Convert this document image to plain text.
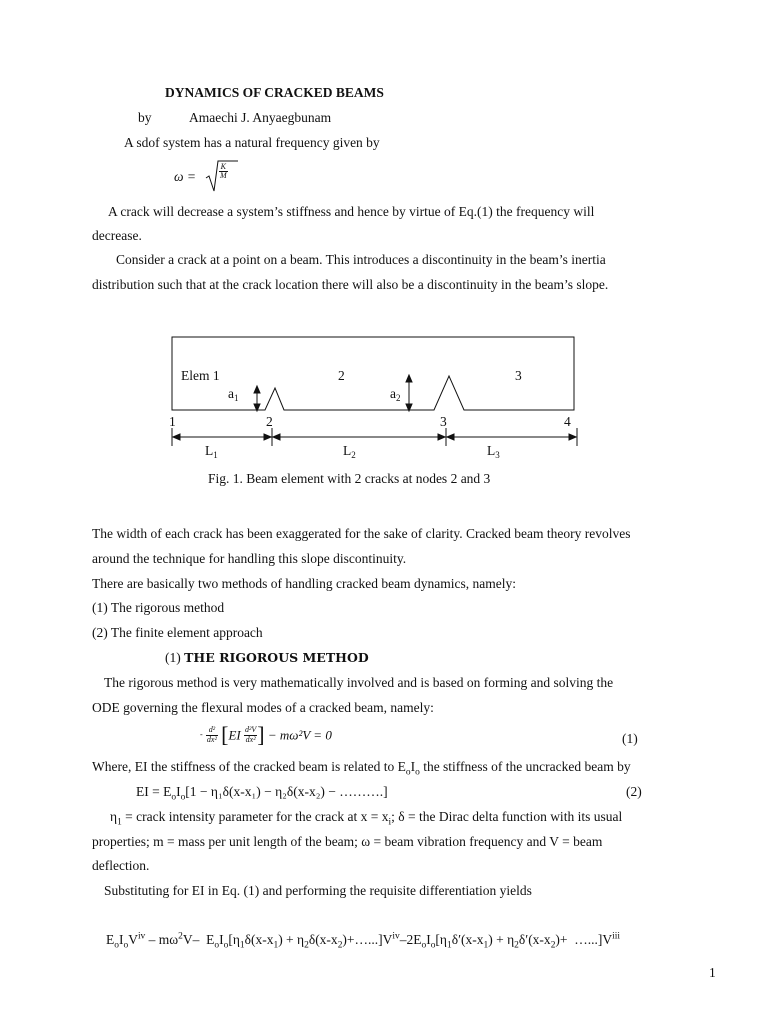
DYNAMICS OF CRACKED BEAMS
by	Amaechi J. Anyaegbunam
A sdof system has a natural frequency given by
ω =	$\frac{K}{M}$
A crack will decrease a system’s stiffness and hence by virtue of Eq.(1) the frequency will
decrease.
Consider a crack at a point on a beam. This introduces a discontinuity in the beam’s inertia
distribution such that at the crack location there will also be a discontinuity in the beam’s slope.
Elem 1	2	3
$a_1$	$a_2$
1	2	3	4
$L_1$	$L_2$	$L_3$
Fig. 1. Beam element with 2 cracks at nodes 2 and 3
The width of each crack has been exaggerated for the sake of clarity. Cracked beam theory revolves
around the technique for handling this slope discontinuity.
There are basically two methods of handling cracked beam dynamics, namely:
(1) The rigorous method
(2) The finite element approach
(1) THE RIGOROUS METHOD
The rigorous method is very mathematically involved and is based on forming and solving the
ODE governing the flexural modes of a cracked beam, namely:
- $\frac{\text{d²}}{\text{dx²}} [EI \frac{\text{d²V}}{\text{dx²}}$ ] − mω²V = 0	(1)
Where, EI the stiffness of the cracked beam is related to $E_oI_o$ the stiffness of the uncracked beam by
EI = $E_oI_o[1 - \eta_1\delta(x-x_1) - \eta_2\delta(x-x_2)$ − ……….]	(2)
$\eta_1$ = crack intensity parameter for the crack at $x = x_i$; δ = the Dirac delta function with its usual
properties; m = mass per unit length of the beam; ω = beam vibration frequency and V = beam
deflection.
Substituting for EI in Eq. (1) and performing the requisite differentiation yields
$E_oI_oV^{iv} - m\omega^2V-$  $E_oI_o[\eta_1\delta(x-x_1)$ + $\eta_2\delta(x-x_2)+\dots...]V^{iv}-2E_oI_o[\eta_1\delta'(x-x_1) + \eta_2\delta'(x-x_2)+$  $\dots...]V^{iii}$
1
